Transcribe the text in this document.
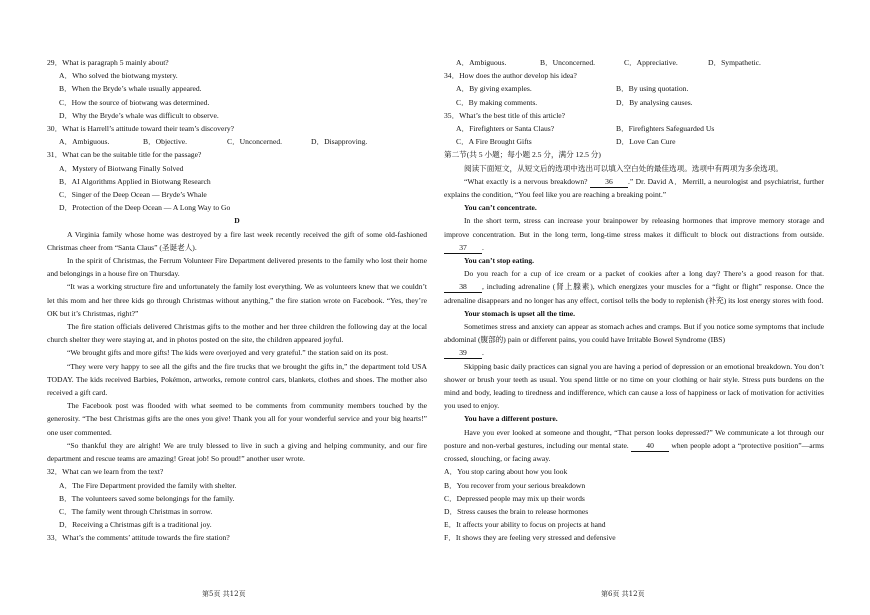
29．What is paragraph 5 mainly about?
A．Who solved the biotwang mystery.
B．When the Bryde’s whale usually appeared.
C．How the source of biotwang was determined.
D．Why the Bryde’s whale was difficult to observe.
30．What is Harrell’s attitude toward their team’s discovery?
A．Ambiguous.	B．Objective.	C．Unconcerned.	D．Disapproving.
31．What can be the suitable title for the passage?
A．Mystery of Biotwang Finally Solved
B．AI Algorithms Applied in Biotwang Research
C．Singer of the Deep Ocean — Bryde’s Whale
D．Protection of the Deep Ocean — A Long Way to Go
D

A Virginia family whose home was destroyed by a fire last week recently received the gift of some old-fashioned Christmas cheer from “Santa Claus” (圣诞老人).

In the spirit of Christmas, the Ferrum Volunteer Fire Department delivered presents to the family who lost their home and belongings in a house fire on Thursday.

“It was a working structure fire and unfortunately the family lost everything. We as volunteers knew that we couldn’t let this mom and her three kids go through Christmas without anything,” the fire station wrote on Facebook. “Yes, they’re OK but it’s Christmas, right?”

The fire station officials delivered Christmas gifts to the mother and her three children the following day at the local church shelter they were staying at, and in photos posted on the site, the children appeared joyful.

“We brought gifts and more gifts! The kids were overjoyed and very grateful.” the station said on its post.

“They were very happy to see all the gifts and the fire trucks that we brought the gifts in,” the department told USA TODAY. The kids received Barbies, Pokémon, artworks, remote control cars, blankets, clothes and shoes. The mother also received a gift card.

The Facebook post was flooded with what seemed to be comments from community members touched by the generosity. “The best Christmas gifts are the ones you give! Thank you all for your wonderful service and your big hearts!” one user commented.

“So thankful they are alright! We are truly blessed to live in such a giving and helping community, and our fire department and rescue teams are amazing! Great job! So proud!” another user wrote.

32．What can we learn from the text?
A．The Fire Department provided the family with shelter.
B．The volunteers saved some belongings for the family.
C．The family went through Christmas in sorrow.
D．Receiving a Christmas gift is a traditional joy.
33．What’s the comments’ attitude towards the fire station?
A．Ambiguous.	B．Unconcerned.	C．Appreciative.	D．Sympathetic.
34．How does the author develop his idea?
A．By giving examples.	B．By using quotation.
C．By making comments.	D．By analysing causes.
35．What’s the best title of this article?
A．Firefighters or Santa Claus?	B．Firefighters Safeguarded Us
C．A Fire Brought Gifts	D．Love Can Cure
第二节(共 5 小题；每小题 2.5 分，满分 12.5 分)

阅读下面短文，从短文后的选项中选出可以填入空白处的最佳选项。选项中有两项为多余选项。

“What exactly is a nervous breakdown? 36 .” Dr. David A．Merrill, a neurologist and psychiatrist, further explains the condition, “You feel like you are reaching a breaking point.”

You can’t concentrate.

In the short term, stress can increase your brainpower by releasing hormones that improve memory storage and improve concentration. But in the long term, long-time stress makes it difficult to block out distractions from outside. 37 .

You can’t stop eating.

Do you reach for a cup of ice cream or a packet of cookies after a long day? There’s a good reason for that. 38 , including adrenaline (肾上腺素), which energizes your muscles for a “fight or flight” response. Once the adrenaline disappears and no longer has any effect, cortisol tells the body to replenish (补充) its lost energy stores with food.

Your stomach is upset all the time.

Sometimes stress and anxiety can appear as stomach aches and cramps. But if you notice some symptoms that include abdominal (腹部的) pain or different pains, you could have Irritable Bowel Syndrome (IBS)
39 .

Skipping basic daily practices can signal you are having a period of depression or an emotional breakdown. You don’t shower or brush your teeth as usual. You spend little or no time on your clothing or hair style. Stress puts burdens on the mind and body, leading to tiredness and indifference, which can cause a loss of happiness or lack of motivation for activities you used to enjoy.

You have a different posture.

Have you ever looked at someone and thought, “That person looks depressed?” We communicate a lot through our posture and non-verbal gestures, including our mental state. 40 when people adopt a “protective position”—arms crossed, slouching, or facing away.

A．You stop caring about how you look
B．You recover from your serious breakdown
C．Depressed people may mix up their words
D．Stress causes the brain to release hormones
E．It affects your ability to focus on projects at hand
F．It shows they are feeling very stressed and defensive
第5页 共12页	第6页 共12页
